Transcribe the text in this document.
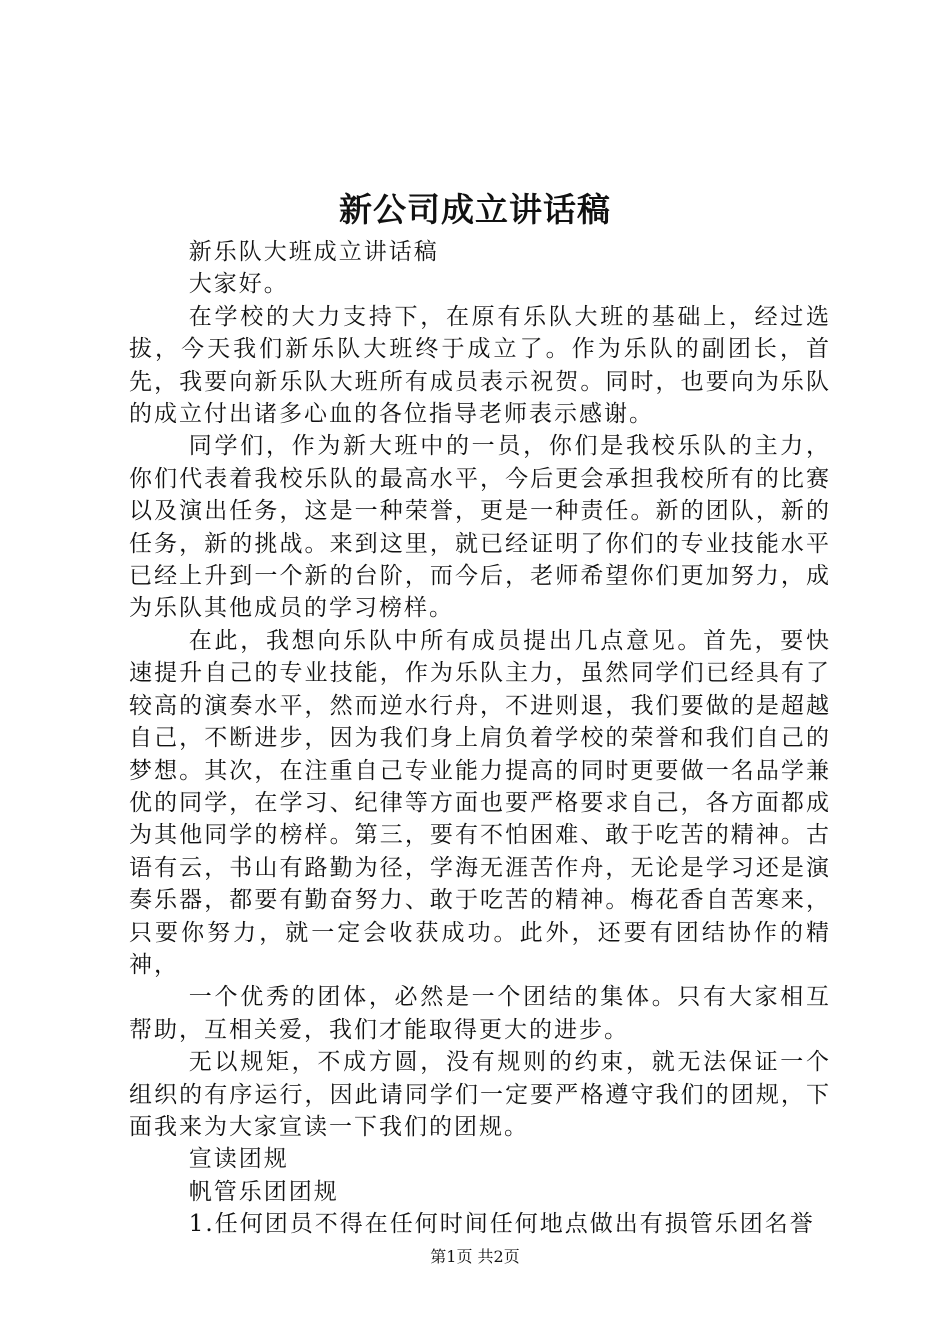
新公司成立讲话稿

新乐队大班成立讲话稿

大家好。

在学校的大力支持下，在原有乐队大班的基础上，经过选拔，今天我们新乐队大班终于成立了。作为乐队的副团长，首先，我要向新乐队大班所有成员表示祝贺。同时，也要向为乐队的成立付出诸多心血的各位指导老师表示感谢。

同学们，作为新大班中的一员，你们是我校乐队的主力，你们代表着我校乐队的最高水平，今后更会承担我校所有的比赛以及演出任务，这是一种荣誉，更是一种责任。新的团队，新的任务，新的挑战。来到这里，就已经证明了你们的专业技能水平已经上升到一个新的台阶，而今后，老师希望你们更加努力，成为乐队其他成员的学习榜样。

在此，我想向乐队中所有成员提出几点意见。首先，要快速提升自己的专业技能，作为乐队主力，虽然同学们已经具有了较高的演奏水平，然而逆水行舟，不进则退，我们要做的是超越自己，不断进步，因为我们身上肩负着学校的荣誉和我们自己的梦想。其次，在注重自己专业能力提高的同时更要做一名品学兼优的同学，在学习、纪律等方面也要严格要求自己，各方面都成为其他同学的榜样。第三，要有不怕困难、敢于吃苦的精神。古语有云，书山有路勤为径，学海无涯苦作舟，无论是学习还是演奏乐器，都要有勤奋努力、敢于吃苦的精神。梅花香自苦寒来，只要你努力，就一定会收获成功。此外，还要有团结协作的精神，

一个优秀的团体，必然是一个团结的集体。只有大家相互帮助，互相关爱，我们才能取得更大的进步。

无以规矩，不成方圆，没有规则的约束，就无法保证一个组织的有序运行，因此请同学们一定要严格遵守我们的团规，下面我来为大家宣读一下我们的团规。

宣读团规

帆管乐团团规

1.任何团员不得在任何时间任何地点做出有损管乐团名誉

第1页 共2页
